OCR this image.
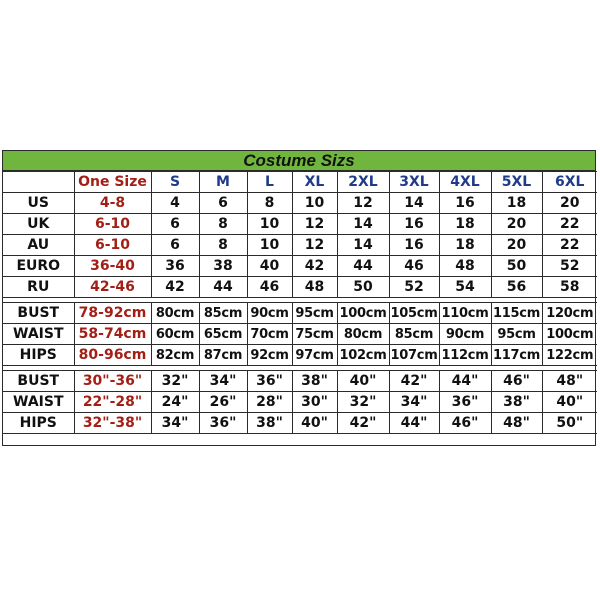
Costume Sizs
	One Size	S	M	L	XL	2XL	3XL	4XL	5XL	6XL
US	4-8	4	6	8	10	12	14	16	18	20
UK	6-10	6	8	10	12	14	16	18	20	22
AU	6-10	6	8	10	12	14	16	18	20	22
EURO	36-40	36	38	40	42	44	46	48	50	52
RU	42-46	42	44	46	48	50	52	54	56	58

BUST	78-92cm	80cm	85cm	90cm	95cm	100cm	105cm	110cm	115cm	120cm
WAIST	58-74cm	60cm	65cm	70cm	75cm	80cm	85cm	90cm	95cm	100cm
HIPS	80-96cm	82cm	87cm	92cm	97cm	102cm	107cm	112cm	117cm	122cm

BUST	30"-36"	32"	34"	36"	38"	40"	42"	44"	46"	48"
WAIST	22"-28"	24"	26"	28"	30"	32"	34"	36"	38"	40"
HIPS	32"-38"	34"	36"	38"	40"	42"	44"	46"	48"	50"
